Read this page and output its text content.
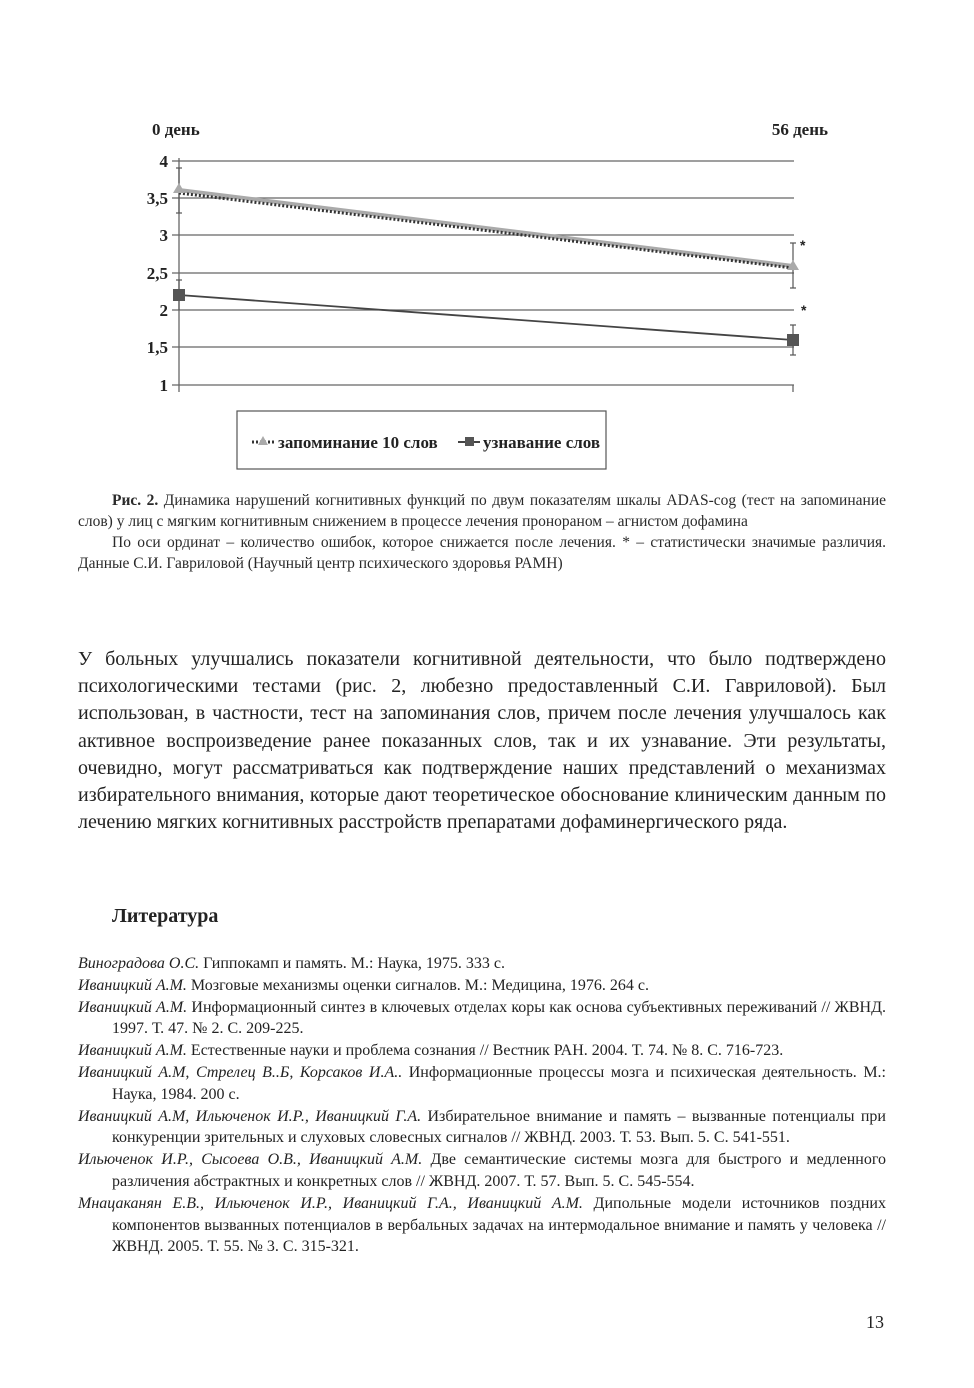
0 день	56 день
4
3,5
3
2,5
2
1,5
1
*
*
запоминание 10 слов	узнавание слов

Рис. 2. Динамика нарушений когнитивных функций по двум показателям шкалы ADAS-cog (тест на запоминание слов) у лиц с мягким когнитивным снижением в процессе лечения пронораном – агнистом дофамина

По оси ординат – количество ошибок, которое снижается после лечения. * – статистически значимые различия. Данные С.И. Гавриловой (Научный центр психического здоровья РАМН)

У больных улучшались показатели когнитивной деятельности, что было подтверждено психологическими тестами (рис. 2, любезно предоставленный С.И. Гавриловой). Был использован, в частности, тест на запоминания слов, причем после лечения улучшалось как активное воспроизведение ранее показанных слов, так и их узнавание. Эти результаты, очевидно, могут рассматриваться как подтверждение наших представлений о механизмах избирательного внимания, которые дают теоретическое обоснование клиническим данным по лечению мягких когнитивных расстройств препаратами дофаминергического ряда.

Литература

Виноградова О.С. Гиппокамп и память. М.: Наука, 1975. 333 с.

Иваницкий А.М. Мозговые механизмы оценки сигналов. М.: Медицина, 1976. 264 с.

Иваницкий А.М. Информационный синтез в ключевых отделах коры как основа субъективных переживаний // ЖВНД. 1997. Т. 47. № 2. С. 209-225.

Иваницкий А.М. Естественные науки и проблема сознания // Вестник РАН. 2004. Т. 74. № 8. С. 716-723.

Иваницкий А.М, Стрелец В..Б, Корсаков И.А.. Информационные процессы мозга и психическая деятельность. М.: Наука, 1984. 200 с.

Иваницкий А.М, Ильюченок И.Р., Иваницкий Г.А. Избирательное внимание и память – вызванные потенциалы при конкуренции зрительных и слуховых словесных сигналов // ЖВНД. 2003. Т. 53. Вып. 5. С. 541-551.

Ильюченок И.Р., Сысоева О.В., Иваницкий А.М. Две семантические системы мозга для быстрого и медленного различения абстрактных и конкретных слов // ЖВНД. 2007. Т. 57. Вып. 5. С. 545-554.

Мнацаканян Е.В., Ильюченок И.Р., Иваницкий Г.А., Иваницкий А.М. Дипольные модели источников поздних компонентов вызванных потенциалов в вербальных задачах на интермодальное внимание и память у человека // ЖВНД. 2005. Т. 55. № 3. С. 315-321.

13
